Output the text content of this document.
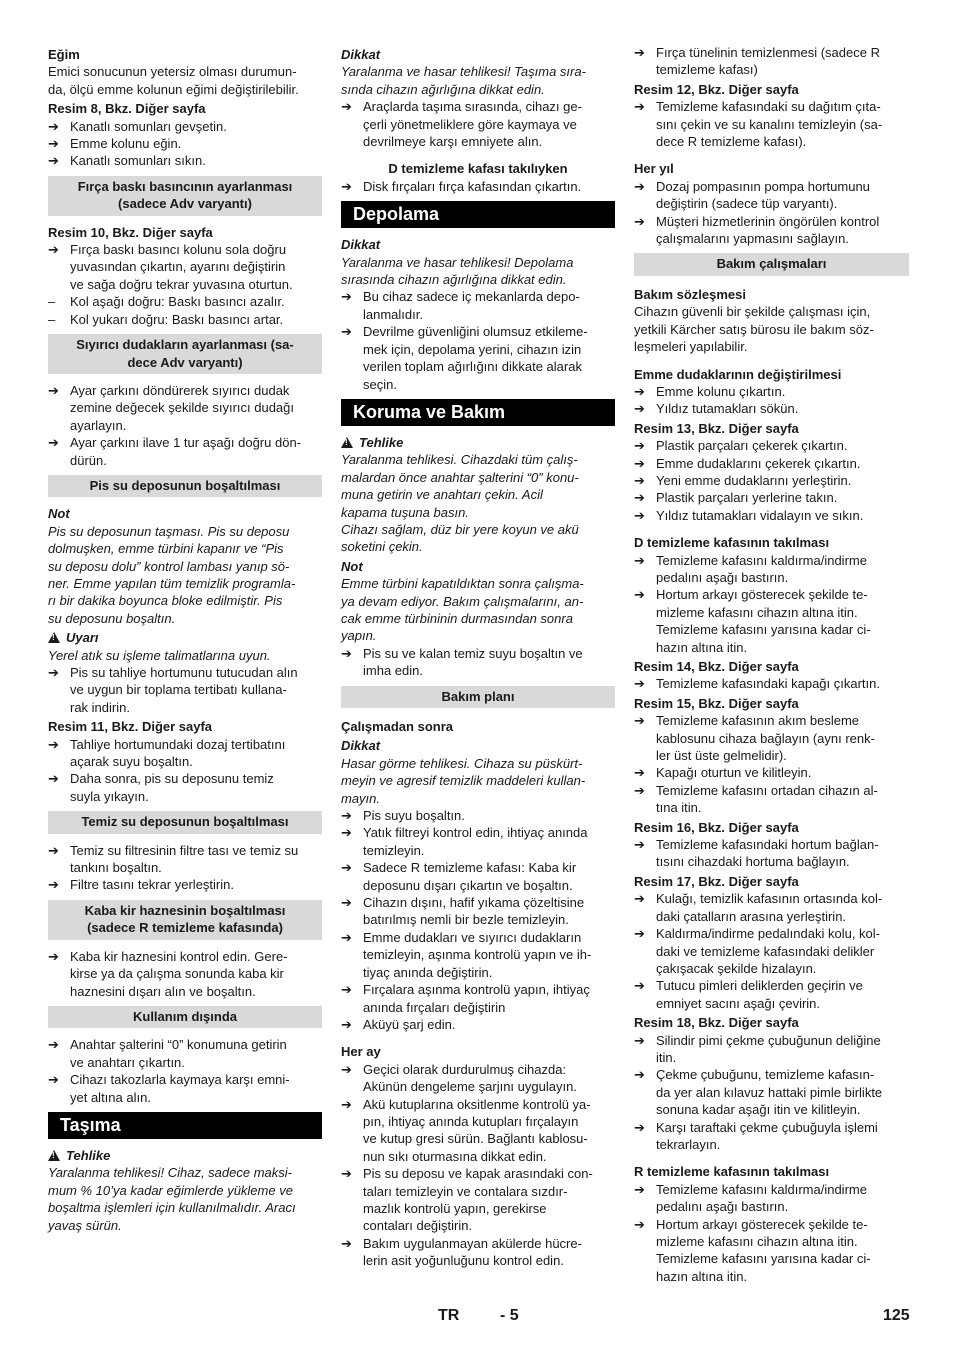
Eğim
Emici sonucunun yetersiz olması durumun-
da, ölçü emme kolunun eğimi değiştirilebilir.
Resim 8, Bkz. Diğer sayfa
➔ Kanatlı somunları gevşetin.
➔ Emme kolunu eğin.
➔ Kanatlı somunları sıkın.
Fırça baskı basıncının ayarlanması
(sadece Adv varyantı)
Resim 10, Bkz. Diğer sayfa
➔ Fırça baskı basıncı kolunu sola doğru
yuvasından çıkartın, ayarını değiştirin
ve sağa doğru tekrar yuvasına oturtun.
–	Kol aşağı doğru: Baskı basıncı azalır.
–	Kol yukarı doğru: Baskı basıncı artar.
Sıyırıcı dudakların ayarlanması (sa-
dece Adv varyantı)
➔ Ayar çarkını döndürerek sıyırıcı dudak
zemine değecek şekilde sıyırıcı dudağı
ayarlayın.
➔ Ayar çarkını ilave 1 tur aşağı doğru dön-
dürün.
Pis su deposunun boşaltılması
Not
Pis su deposunun taşması. Pis su deposu
dolmuşken, emme türbini kapanır ve “Pis
su deposu dolu” kontrol lambası yanıp sö-
ner. Emme yapılan tüm temizlik programla-
rı bir dakika boyunca bloke edilmiştir. Pis
su deposunu boşaltın.
!Uyarı
Yerel atık su işleme talimatlarına uyun.
➔ Pis su tahliye hortumunu tutucudan alın
ve uygun bir toplama tertibatı kullana-
rak indirin.
Resim 11, Bkz. Diğer sayfa
➔ Tahliye hortumundaki dozaj tertibatını
açarak suyu boşaltın.
➔ Daha sonra, pis su deposunu temiz
suyla yıkayın.
Temiz su deposunun boşaltılması
➔ Temiz su filtresinin filtre tası ve temiz su
tankını boşaltın.
➔ Filtre tasını tekrar yerleştirin.
Kaba kir haznesinin boşaltılması
(sadece R temizleme kafasında)
➔ Kaba kir haznesini kontrol edin. Gere-
kirse ya da çalışma sonunda kaba kir
haznesini dışarı alın ve boşaltın.
Kullanım dışında
➔ Anahtar şalterini “0” konumuna getirin
ve anahtarı çıkartın.
➔ Cihazı takozlarla kaymaya karşı emni-
yet altına alın.
Taşıma
!Tehlike
Yaralanma tehlikesi! Cihaz, sadece maksi-
mum % 10’ya kadar eğimlerde yükleme ve
boşaltma işlemleri için kullanılmalıdır. Aracı
yavaş sürün.
Dikkat
Yaralanma ve hasar tehlikesi! Taşıma sıra-
sında cihazın ağırlığına dikkat edin.
➔ Araçlarda taşıma sırasında, cihazı ge-
çerli yönetmeliklere göre kaymaya ve
devrilmeye karşı emniyete alın.
D temizleme kafası takılıyken
➔ Disk fırçaları fırça kafasından çıkartın.
Depolama
Dikkat
Yaralanma ve hasar tehlikesi! Depolama
sırasında cihazın ağırlığına dikkat edin.
➔ Bu cihaz sadece iç mekanlarda depo-
lanmalıdır.
➔ Devrilme güvenliğini olumsuz etkileme-
mek için, depolama yerini, cihazın izin
verilen toplam ağırlığını dikkate alarak
seçin.
Koruma ve Bakım
!Tehlike
Yaralanma tehlikesi. Cihazdaki tüm çalış-
malardan önce anahtar şalterini “0” konu-
muna getirin ve anahtarı çekin. Acil
kapama tuşuna basın.
Cihazı sağlam, düz bir yere koyun ve akü
soketini çekin.
Not
Emme türbini kapatıldıktan sonra çalışma-
ya devam ediyor. Bakım çalışmalarını, an-
cak emme türbininin durmasından sonra
yapın.
➔ Pis su ve kalan temiz suyu boşaltın ve
imha edin.
Bakım planı
Çalışmadan sonra
Dikkat
Hasar görme tehlikesi. Cihaza su püskürt-
meyin ve agresif temizlik maddeleri kullan-
mayın.
➔ Pis suyu boşaltın.
➔ Yatık filtreyi kontrol edin, ihtiyaç anında
temizleyin.
➔ Sadece R temizleme kafası: Kaba kir
deposunu dışarı çıkartın ve boşaltın.
➔ Cihazın dışını, hafif yıkama çözeltisine
batırılmış nemli bir bezle temizleyin.
➔ Emme dudakları ve sıyırıcı dudakların
temizleyin, aşınma kontrolü yapın ve ih-
tiyaç anında değiştirin.
➔ Fırçalara aşınma kontrolü yapın, ihtiyaç
anında fırçaları değiştirin
➔ Aküyü şarj edin.
Her ay
➔ Geçici olarak durdurulmuş cihazda:
Akünün dengeleme şarjını uygulayın.
➔ Akü kutuplarına oksitlenme kontrolü ya-
pın, ihtiyaç anında kutupları fırçalayın
ve kutup gresi sürün. Bağlantı kablosu-
nun sıkı oturmasına dikkat edin.
➔ Pis su deposu ve kapak arasındaki con-
taları temizleyin ve contalara sızdır-
mazlık kontrolü yapın, gerekirse
contaları değiştirin.
➔ Bakım uygulanmayan akülerde hücre-
lerin asit yoğunluğunu kontrol edin.
➔ Fırça tünelinin temizlenmesi (sadece R
temizleme kafası)
Resim 12, Bkz. Diğer sayfa
➔ Temizleme kafasındaki su dağıtım çıta-
sını çekin ve su kanalını temizleyin (sa-
dece R temizleme kafası).
Her yıl
➔ Dozaj pompasının pompa hortumunu
değiştirin (sadece tüp varyantı).
➔ Müşteri hizmetlerinin öngörülen kontrol
çalışmalarını yapmasını sağlayın.
Bakım çalışmaları
Bakım sözleşmesi
Cihazın güvenli bir şekilde çalışması için,
yetkili Kärcher satış bürosu ile bakım söz-
leşmeleri yapılabilir.
Emme dudaklarının değiştirilmesi
➔ Emme kolunu çıkartın.
➔ Yıldız tutamakları sökün.
Resim 13, Bkz. Diğer sayfa
➔ Plastik parçaları çekerek çıkartın.
➔ Emme dudaklarını çekerek çıkartın.
➔ Yeni emme dudaklarını yerleştirin.
➔ Plastik parçaları yerlerine takın.
➔ Yıldız tutamakları vidalayın ve sıkın.
D temizleme kafasının takılması
➔ Temizleme kafasını kaldırma/indirme
pedalını aşağı bastırın.
➔ Hortum arkayı gösterecek şekilde te-
mizleme kafasını cihazın altına itin.
Temizleme kafasını yarısına kadar ci-
hazın altına itin.
Resim 14, Bkz. Diğer sayfa
➔ Temizleme kafasındaki kapağı çıkartın.
Resim 15, Bkz. Diğer sayfa
➔ Temizleme kafasının akım besleme
kablosunu cihaza bağlayın (aynı renk-
ler üst üste gelmelidir).
➔ Kapağı oturtun ve kilitleyin.
➔ Temizleme kafasını ortadan cihazın al-
tına itin.
Resim 16, Bkz. Diğer sayfa
➔ Temizleme kafasındaki hortum bağlan-
tısını cihazdaki hortuma bağlayın.
Resim 17, Bkz. Diğer sayfa
➔ Kulağı, temizlik kafasının ortasında kol-
daki çatalların arasına yerleştirin.
➔ Kaldırma/indirme pedalındaki kolu, kol-
daki ve temizleme kafasındaki delikler
çakışacak şekilde hizalayın.
➔ Tutucu pimleri deliklerden geçirin ve
emniyet sacını aşağı çevirin.
Resim 18, Bkz. Diğer sayfa
➔ Silindir pimi çekme çubuğunun deliğine
itin.
➔ Çekme çubuğunu, temizleme kafasın-
da yer alan kılavuz hattaki pimle birlikte
sonuna kadar aşağı itin ve kilitleyin.
➔ Karşı taraftaki çekme çubuğuyla işlemi
tekrarlayın.
R temizleme kafasının takılması
➔ Temizleme kafasını kaldırma/indirme
pedalını aşağı bastırın.
➔ Hortum arkayı gösterecek şekilde te-
mizleme kafasını cihazın altına itin.
Temizleme kafasını yarısına kadar ci-
hazın altına itin.
TR	- 5	125
